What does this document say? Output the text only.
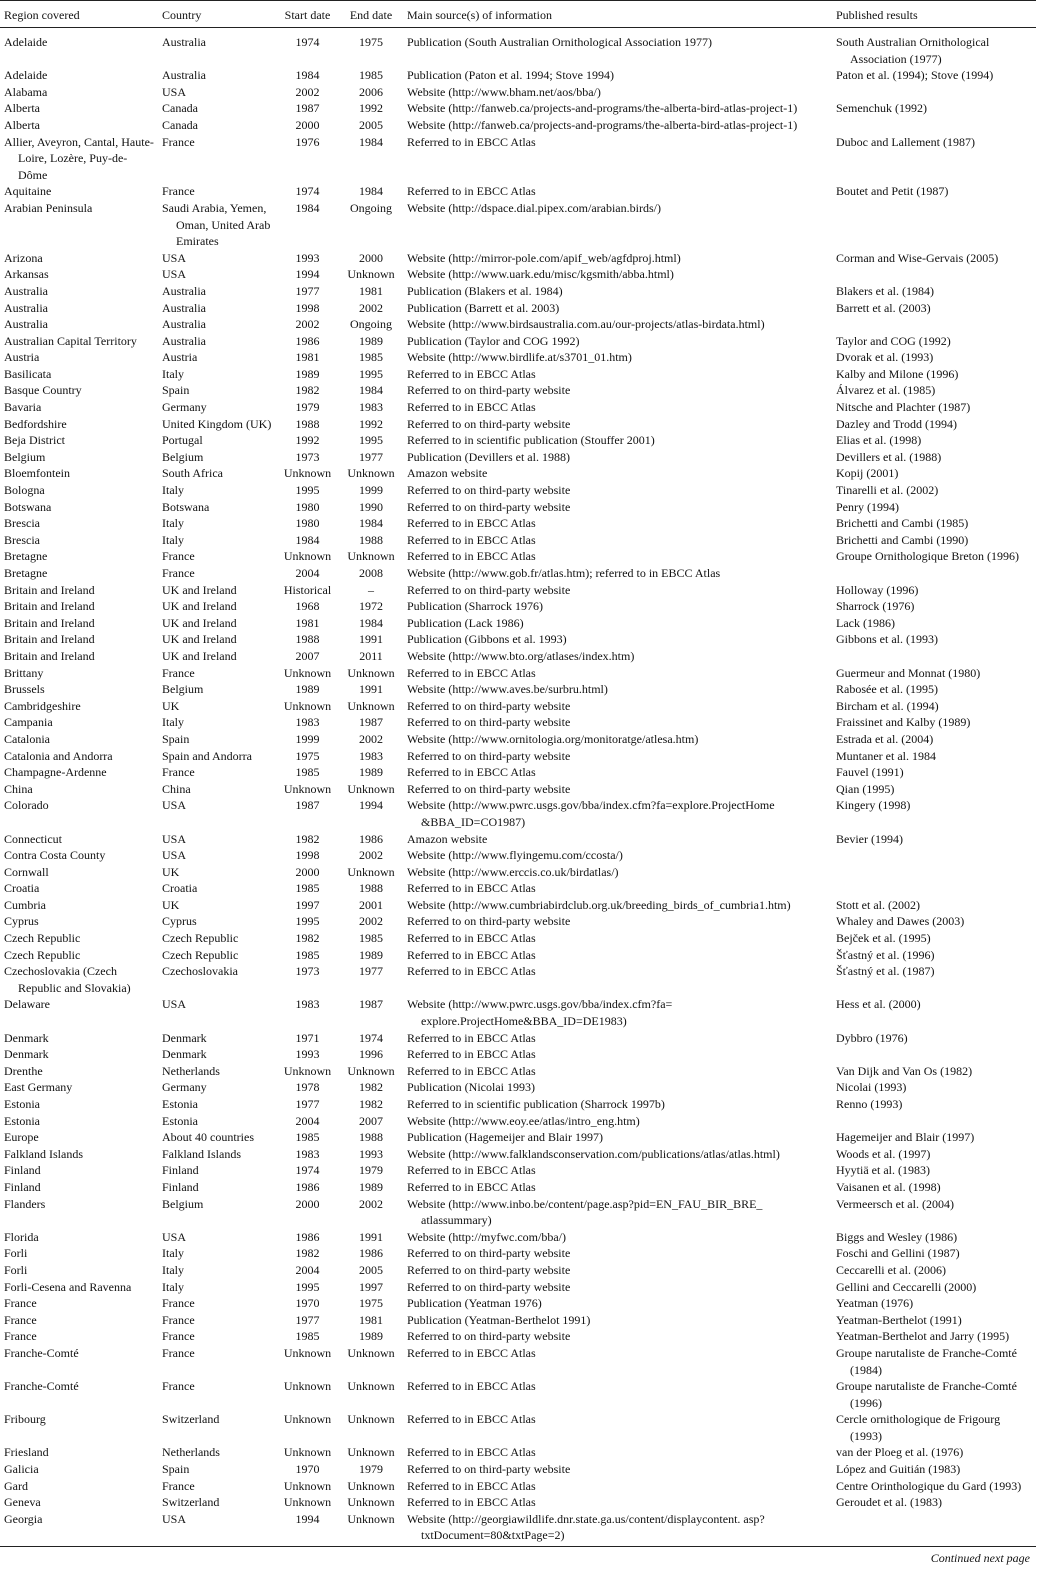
Region covered	Country	Start date	End date	Main source(s) of information	Published results
Adelaide	Australia	1974	1975	Publication (South Australian Ornithological Association 1977)	South Australian Ornithological Association (1977)
Adelaide	Australia	1984	1985	Publication (Paton et al. 1994; Stove 1994)	Paton et al. (1994); Stove (1994)
Alabama	USA	2002	2006	Website (http://www.bham.net/aos/bba/)	
Alberta	Canada	1987	1992	Website (http://fanweb.ca/projects-and-programs/the-alberta-bird-atlas-project-1)	Semenchuk (1992)
Alberta	Canada	2000	2005	Website (http://fanweb.ca/projects-and-programs/the-alberta-bird-atlas-project-1)	
Allier, Aveyron, Cantal, Haute-Loire, Lozère, Puy-de-Dôme	France	1976	1984	Referred to in EBCC Atlas	Duboc and Lallement (1987)
Aquitaine	France	1974	1984	Referred to in EBCC Atlas	Boutet and Petit (1987)
Arabian Peninsula	Saudi Arabia, Yemen, Oman, United Arab Emirates	1984	Ongoing	Website (http://dspace.dial.pipex.com/arabian.birds/)	
Arizona	USA	1993	2000	Website (http://mirror-pole.com/apif_web/agfdproj.html)	Corman and Wise-Gervais (2005)
Arkansas	USA	1994	Unknown	Website (http://www.uark.edu/misc/kgsmith/abba.html)	
Australia	Australia	1977	1981	Publication (Blakers et al. 1984)	Blakers et al. (1984)
Australia	Australia	1998	2002	Publication (Barrett et al. 2003)	Barrett et al. (2003)
Australia	Australia	2002	Ongoing	Website (http://www.birdsaustralia.com.au/our-projects/atlas-birdata.html)	
Australian Capital Territory	Australia	1986	1989	Publication (Taylor and COG 1992)	Taylor and COG (1992)
Austria	Austria	1981	1985	Website (http://www.birdlife.at/s3701_01.htm)	Dvorak et al. (1993)
Basilicata	Italy	1989	1995	Referred to in EBCC Atlas	Kalby and Milone (1996)
Basque Country	Spain	1982	1984	Referred to on third-party website	Álvarez et al. (1985)
Bavaria	Germany	1979	1983	Referred to in EBCC Atlas	Nitsche and Plachter (1987)
Bedfordshire	United Kingdom (UK)	1988	1992	Referred to on third-party website	Dazley and Trodd (1994)
Beja District	Portugal	1992	1995	Referred to in scientific publication (Stouffer 2001)	Elias et al. (1998)
Belgium	Belgium	1973	1977	Publication (Devillers et al. 1988)	Devillers et al. (1988)
Bloemfontein	South Africa	Unknown	Unknown	Amazon website	Kopij (2001)
Bologna	Italy	1995	1999	Referred to on third-party website	Tinarelli et al. (2002)
Botswana	Botswana	1980	1990	Referred to on third-party website	Penry (1994)
Brescia	Italy	1980	1984	Referred to in EBCC Atlas	Brichetti and Cambi (1985)
Brescia	Italy	1984	1988	Referred to in EBCC Atlas	Brichetti and Cambi (1990)
Bretagne	France	Unknown	Unknown	Referred to in EBCC Atlas	Groupe Ornithologique Breton (1996)
Bretagne	France	2004	2008	Website (http://www.gob.fr/atlas.htm); referred to in EBCC Atlas	
Britain and Ireland	UK and Ireland	Historical	–	Referred to on third-party website	Holloway (1996)
Britain and Ireland	UK and Ireland	1968	1972	Publication (Sharrock 1976)	Sharrock (1976)
Britain and Ireland	UK and Ireland	1981	1984	Publication (Lack 1986)	Lack (1986)
Britain and Ireland	UK and Ireland	1988	1991	Publication (Gibbons et al. 1993)	Gibbons et al. (1993)
Britain and Ireland	UK and Ireland	2007	2011	Website (http://www.bto.org/atlases/index.htm)	
Brittany	France	Unknown	Unknown	Referred to in EBCC Atlas	Guermeur and Monnat (1980)
Brussels	Belgium	1989	1991	Website (http://www.aves.be/surbru.html)	Rabosée et al. (1995)
Cambridgeshire	UK	Unknown	Unknown	Referred to on third-party website	Bircham et al. (1994)
Campania	Italy	1983	1987	Referred to on third-party website	Fraissinet and Kalby (1989)
Catalonia	Spain	1999	2002	Website (http://www.ornitologia.org/monitoratge/atlesa.htm)	Estrada et al. (2004)
Catalonia and Andorra	Spain and Andorra	1975	1983	Referred to on third-party website	Muntaner et al. 1984
Champagne-Ardenne	France	1985	1989	Referred to in EBCC Atlas	Fauvel (1991)
China	China	Unknown	Unknown	Referred to on third-party website	Qian (1995)
Colorado	USA	1987	1994	Website (http://www.pwrc.usgs.gov/bba/index.cfm?fa=explore.ProjectHome &BBA_ID=CO1987)	Kingery (1998)
Connecticut	USA	1982	1986	Amazon website	Bevier (1994)
Contra Costa County	USA	1998	2002	Website (http://www.flyingemu.com/ccosta/)	
Cornwall	UK	2000	Unknown	Website (http://www.erccis.co.uk/birdatlas/)	
Croatia	Croatia	1985	1988	Referred to in EBCC Atlas	
Cumbria	UK	1997	2001	Website (http://www.cumbriabirdclub.org.uk/breeding_birds_of_cumbria1.htm)	Stott et al. (2002)
Cyprus	Cyprus	1995	2002	Referred to on third-party website	Whaley and Dawes (2003)
Czech Republic	Czech Republic	1982	1985	Referred to in EBCC Atlas	Bejček et al. (1995)
Czech Republic	Czech Republic	1985	1989	Referred to in EBCC Atlas	Šťastný et al. (1996)
Czechoslovakia (Czech Republic and Slovakia)	Czechoslovakia	1973	1977	Referred to in EBCC Atlas	Šťastný et al. (1987)
Delaware	USA	1983	1987	Website (http://www.pwrc.usgs.gov/bba/index.cfm?fa= explore.ProjectHome&BBA_ID=DE1983)	Hess et al. (2000)
Denmark	Denmark	1971	1974	Referred to in EBCC Atlas	Dybbro (1976)
Denmark	Denmark	1993	1996	Referred to in EBCC Atlas	
Drenthe	Netherlands	Unknown	Unknown	Referred to in EBCC Atlas	Van Dijk and Van Os (1982)
East Germany	Germany	1978	1982	Publication (Nicolai 1993)	Nicolai (1993)
Estonia	Estonia	1977	1982	Referred to in scientific publication (Sharrock 1997b)	Renno (1993)
Estonia	Estonia	2004	2007	Website (http://www.eoy.ee/atlas/intro_eng.htm)	
Europe	About 40 countries	1985	1988	Publication (Hagemeijer and Blair 1997)	Hagemeijer and Blair (1997)
Falkland Islands	Falkland Islands	1983	1993	Website (http://www.falklandsconservation.com/publications/atlas/atlas.html)	Woods et al. (1997)
Finland	Finland	1974	1979	Referred to in EBCC Atlas	Hyytiä et al. (1983)
Finland	Finland	1986	1989	Referred to in EBCC Atlas	Vaisanen et al. (1998)
Flanders	Belgium	2000	2002	Website (http://www.inbo.be/content/page.asp?pid=EN_FAU_BIR_BRE_ atlassummary)	Vermeersch et al. (2004)
Florida	USA	1986	1991	Website (http://myfwc.com/bba/)	Biggs and Wesley (1986)
Forli	Italy	1982	1986	Referred to on third-party website	Foschi and Gellini (1987)
Forli	Italy	2004	2005	Referred to on third-party website	Ceccarelli et al. (2006)
Forli-Cesena and Ravenna	Italy	1995	1997	Referred to on third-party website	Gellini and Ceccarelli (2000)
France	France	1970	1975	Publication (Yeatman 1976)	Yeatman (1976)
France	France	1977	1981	Publication (Yeatman-Berthelot 1991)	Yeatman-Berthelot (1991)
France	France	1985	1989	Referred to on third-party website	Yeatman-Berthelot and Jarry (1995)
Franche-Comté	France	Unknown	Unknown	Referred to in EBCC Atlas	Groupe narutaliste de Franche-Comté (1984)
Franche-Comté	France	Unknown	Unknown	Referred to in EBCC Atlas	Groupe narutaliste de Franche-Comté (1996)
Fribourg	Switzerland	Unknown	Unknown	Referred to in EBCC Atlas	Cercle ornithologique de Frigourg (1993)
Friesland	Netherlands	Unknown	Unknown	Referred to in EBCC Atlas	van der Ploeg et al. (1976)
Galicia	Spain	1970	1979	Referred to on third-party website	López and Guitián (1983)
Gard	France	Unknown	Unknown	Referred to in EBCC Atlas	Centre Orinthologique du Gard (1993)
Geneva	Switzerland	Unknown	Unknown	Referred to in EBCC Atlas	Geroudet et al. (1983)
Georgia	USA	1994	Unknown	Website (http://georgiawildlife.dnr.state.ga.us/content/displaycontent. asp?txtDocument=80&txtPage=2)	
Continued next page
